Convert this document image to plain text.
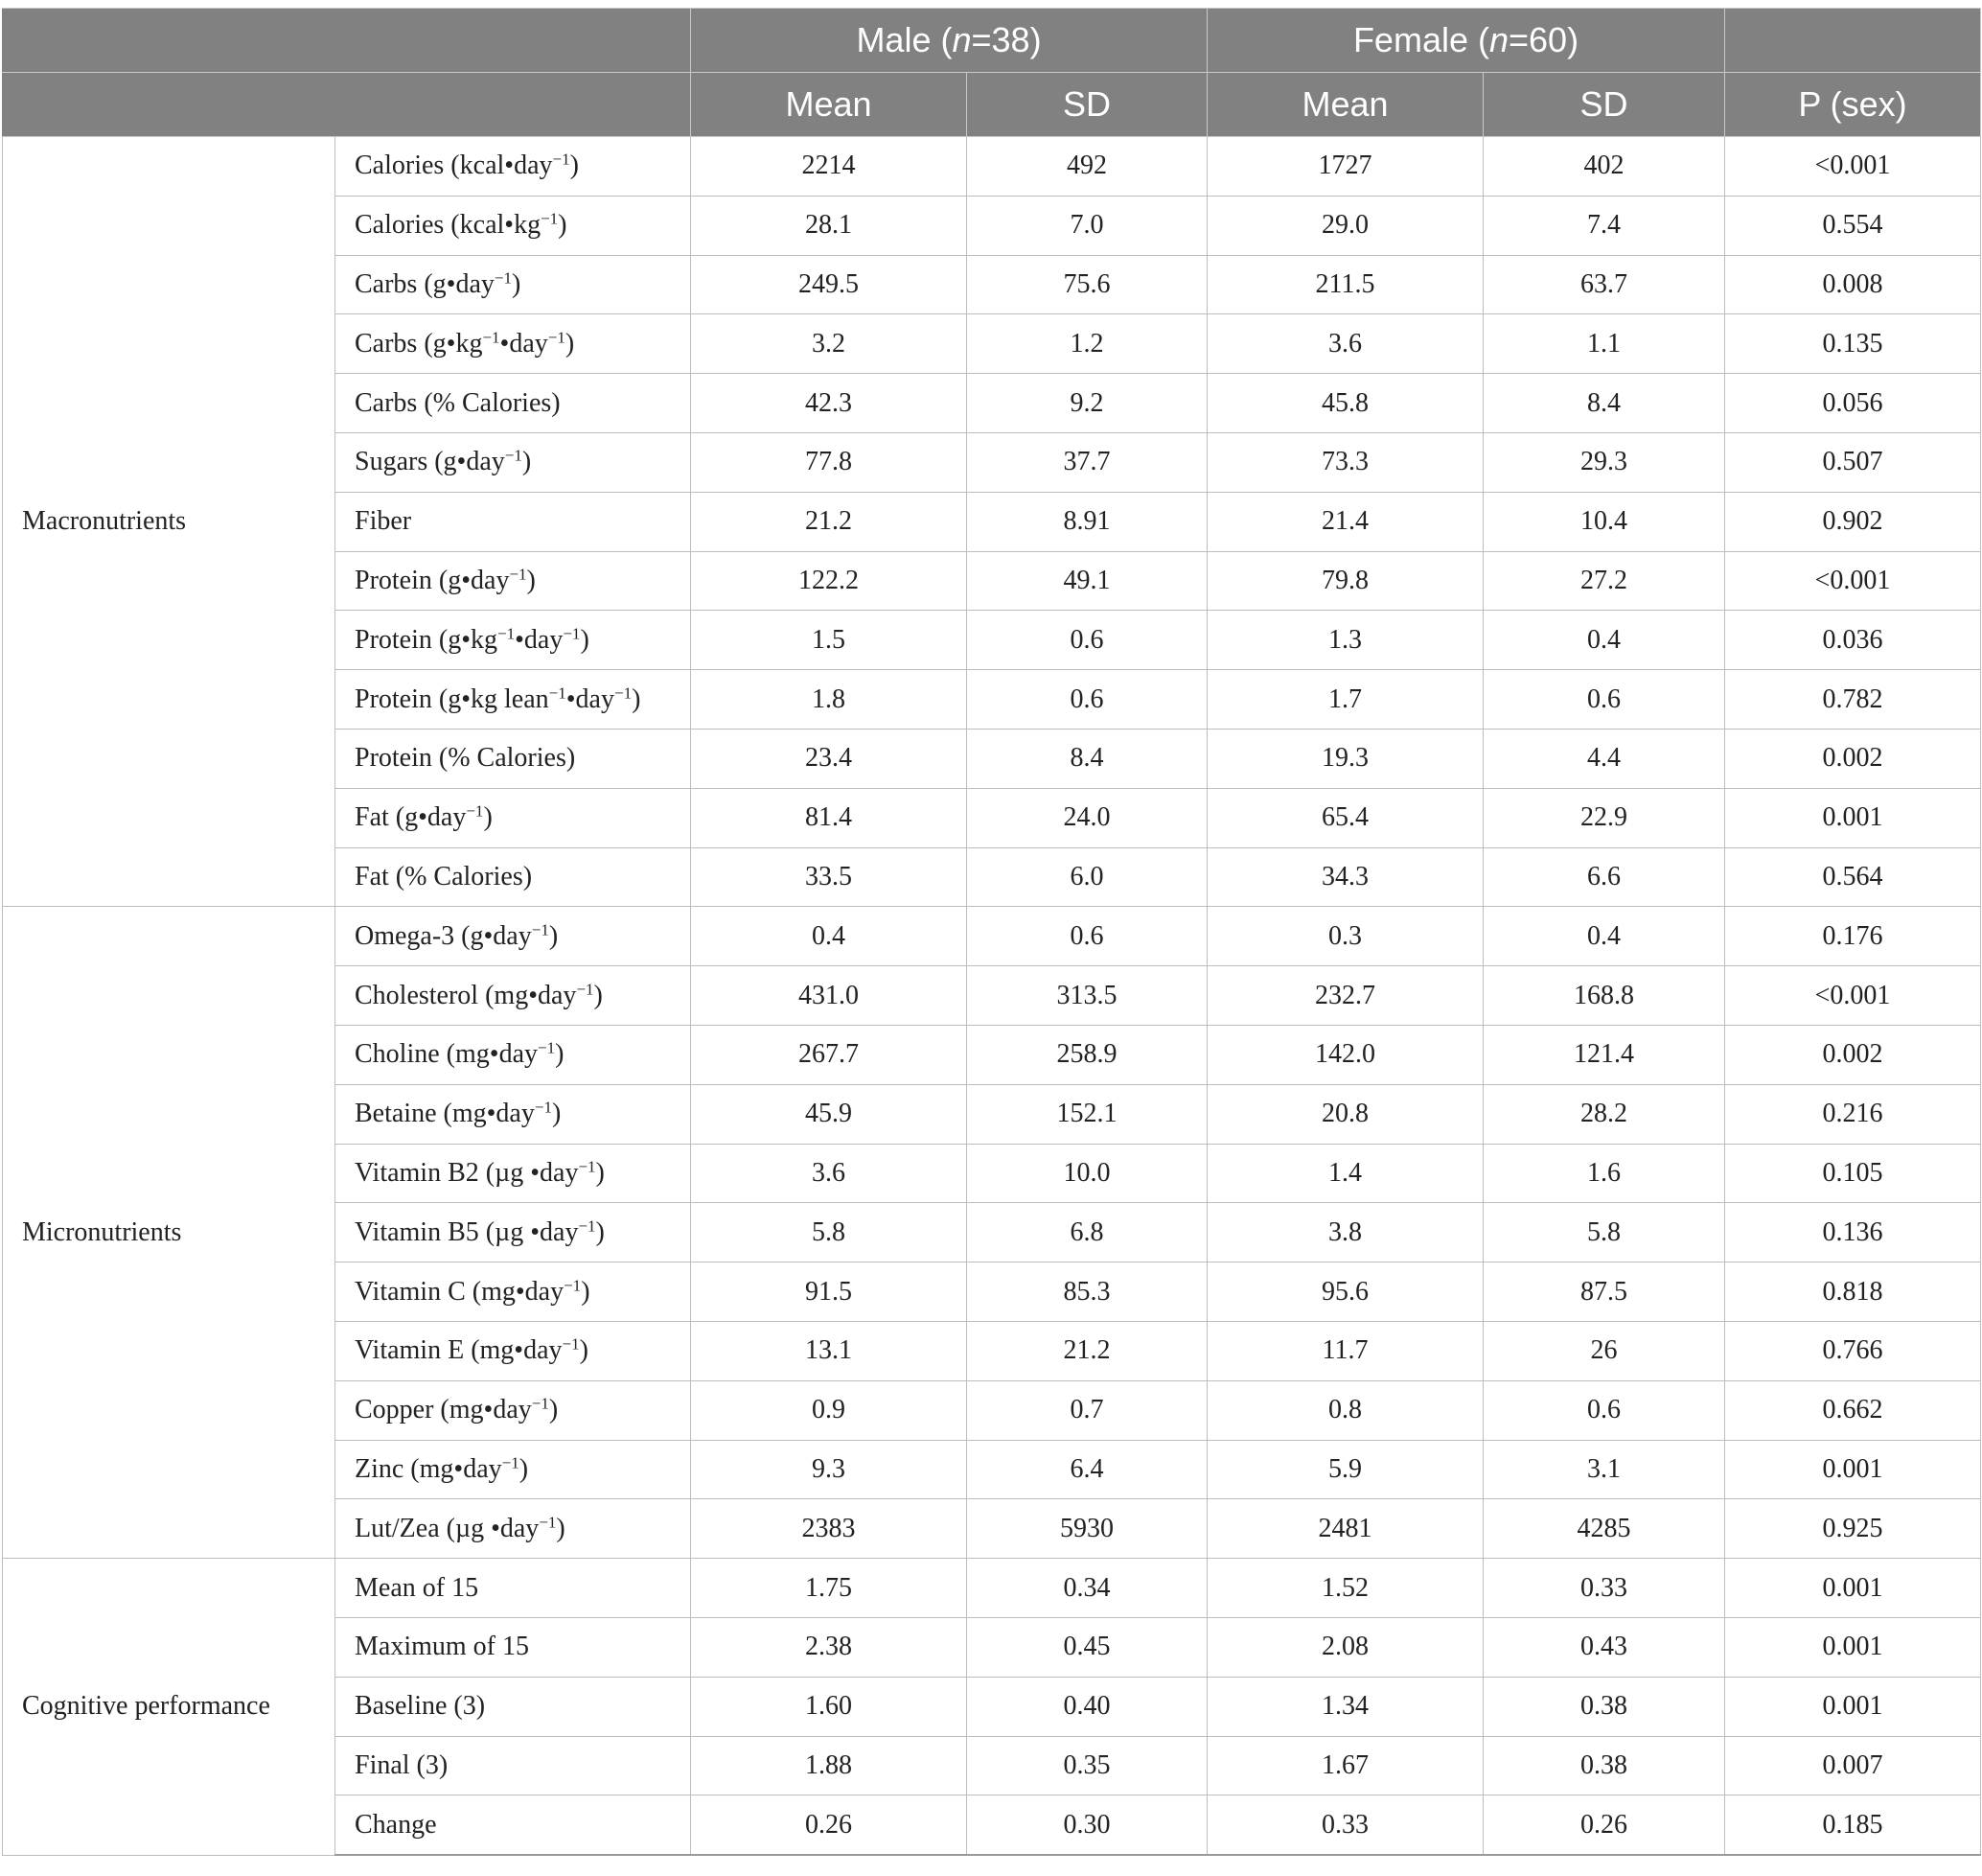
		Male (n=38)		Female (n=60)		
		Mean	SD	Mean	SD	P (sex)
Macronutrients	Calories (kcal•day$^{-1}$)	2214	492	1727	402	<0.001
	Calories $(kcal•kg^{-1})$	28.1	7.0	29.0	7.4	0.554
	Carbs (g•day$^{-1}$)	249.5	75.6	211.5	63.7	0.008
	Carbs $(g•kg^{-1}•day^{-1})$	3.2	1.2	3.6	1.1	0.135
	Carbs (% Calories)	42.3	9.2	45.8	8.4	0.056
	Sugars (g•day$^{-1}$)	77.8	37.7	73.3	29.3	0.507
	Fiber	21.2	8.91	21.4	10.4	0.902
	Protein (g•day$^{-1}$)	122.2	49.1	79.8	27.2	<0.001
	Protein $(g•kg^{-1}•day^{-1})$	1.5	0.6	1.3	0.4	0.036
	Protein (g•kg lean$^{-1}$•day$^{-1}$)	1.8	0.6	1.7	0.6	0.782
	Protein (% Calories)	23.4	8.4	19.3	4.4	0.002
	Fat (g•day$^{-1}$)	81.4	24.0	65.4	22.9	0.001
	Fat (% Calories)	33.5	6.0	34.3	6.6	0.564
Micronutrients	Omega-3 (g•day$^{-1}$)	0.4	0.6	0.3	0.4	0.176
	Cholesterol (mg•day$^{-1}$)	431.0	313.5	232.7	168.8	<0.001
	Choline (mg•day$^{-1}$)	267.7	258.9	142.0	121.4	0.002
	Betaine (mg•day$^{-1}$)	45.9	152.1	20.8	28.2	0.216
	Vitamin B2 (µg •day$^{-1}$)	3.6	10.0	1.4	1.6	0.105
	Vitamin B5 (µg •day$^{-1}$)	5.8	6.8	3.8	5.8	0.136
	Vitamin C (mg•day$^{-1}$)	91.5	85.3	95.6	87.5	0.818
	Vitamin E (mg•day$^{-1}$)	13.1	21.2	11.7	26	0.766
	Copper (mg•day$^{-1}$)	0.9	0.7	0.8	0.6	0.662
	Zinc (mg•day$^{-1}$)	9.3	6.4	5.9	3.1	0.001
	Lut/Zea (µg •day$^{-1}$)	2383	5930	2481	4285	0.925
Cognitive performance	Mean of 15	1.75	0.34	1.52	0.33	0.001
	Maximum of 15	2.38	0.45	2.08	0.43	0.001
	Baseline (3)	1.60	0.40	1.34	0.38	0.001
	Final (3)	1.88	0.35	1.67	0.38	0.007
	Change	0.26	0.30	0.33	0.26	0.185
